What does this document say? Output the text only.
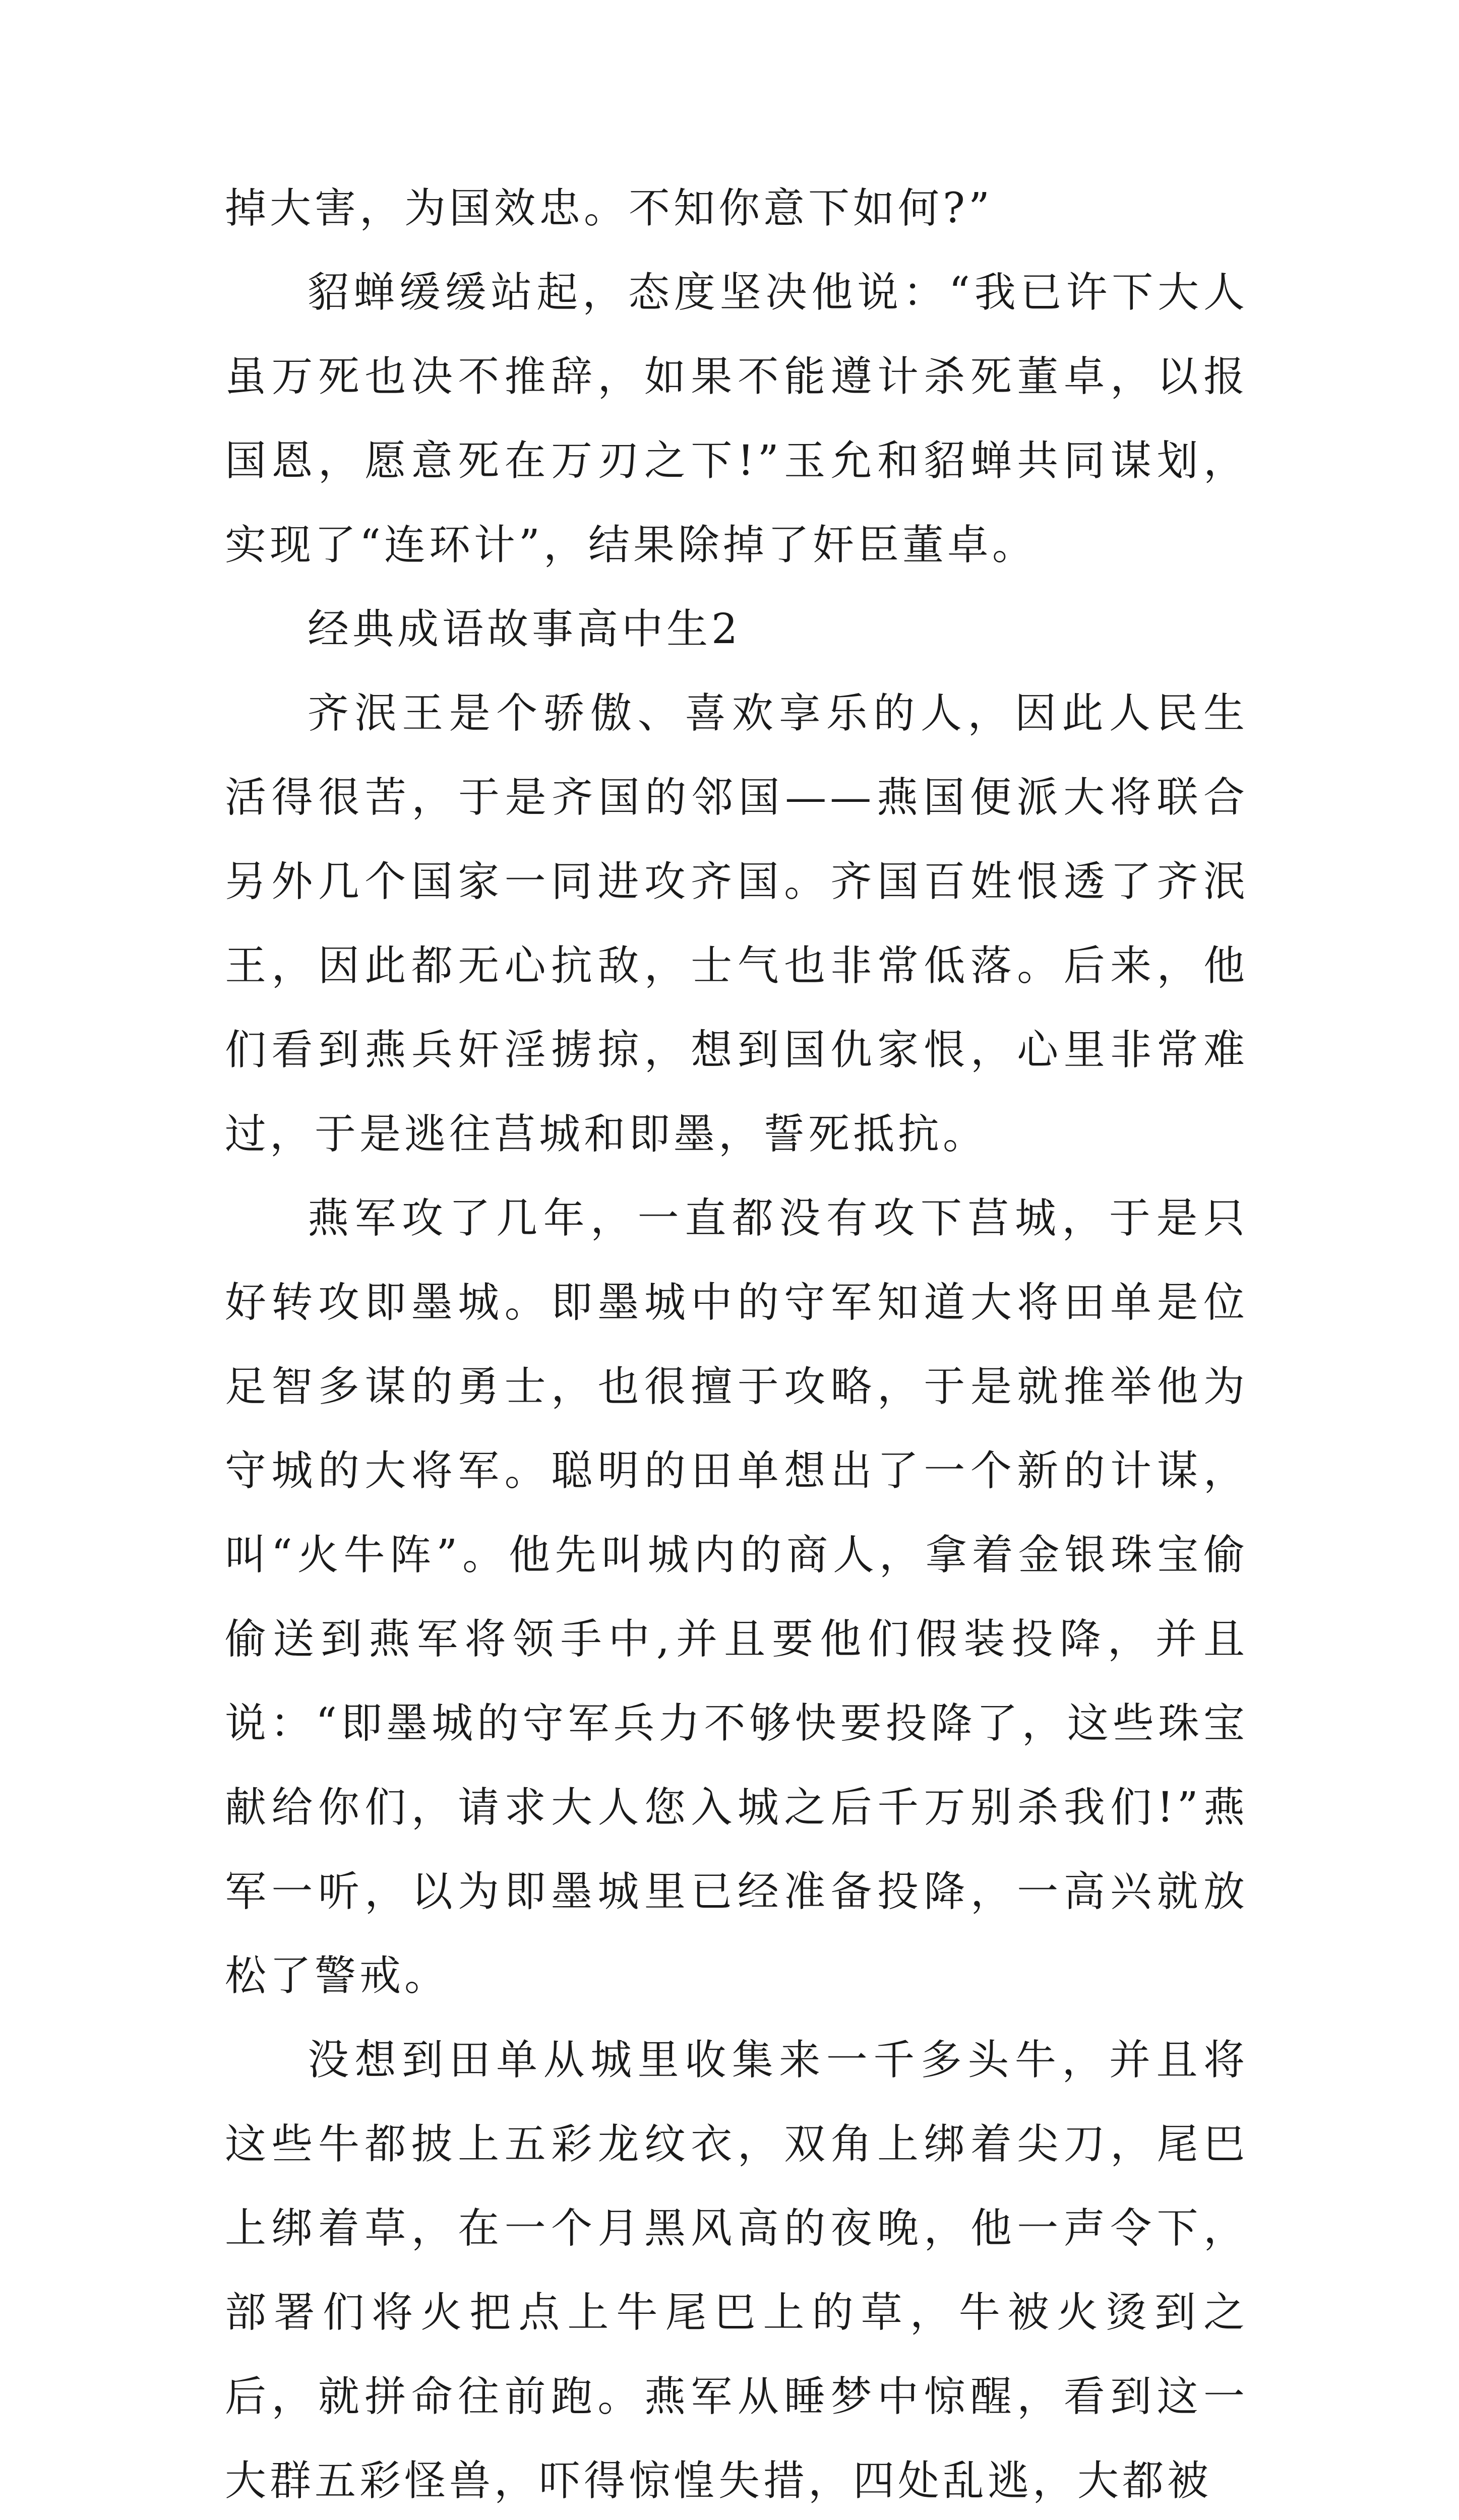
掉大害，为国效忠。不知你意下如何?”

貂蝉缓缓站起，态度坚决他说：“我已许下大人虽万死也决不推辞，如果不能遵计杀死董卓，以报国恩，愿意死在万刃之下!”玉允和貂蝉共同谋划，实现了“连环计”，结果除掉了奸臣董卓。

经典成语故事高中生2

齐泯王是个骄傲、喜欢享乐的人，因此人民生活得很苦，于是齐国的邻国——燕国便派大将联合另外几个国家一同进攻齐国。齐国百姓恨透了齐泯王，因此都无心抗敌，士气也非常低落。后来，他们看到燕兵奸淫掳掠，想到国仇家恨，心里非常难过，于是逃往莒城和即墨，誓死抵抗。

燕军攻了几年，一直都没有攻下莒城，于是只好转攻即墨城。即墨城中的守军知道大将田单是位足智多谋的勇士，也很擅于攻略，于是就推举他为守城的大将军。聪明的田单想出了一个新的计谋，叫“火牛阵”。他先叫城内的商人，拿着金银珠宝偷偷送到燕军将领手中,并且要他们假装投降，并且说：“即墨城的守军兵力不够快要投降了，这些珠宝献给你们，请求大人您入城之后千万别杀我们!”燕军一听，以为即墨城里已经准备投降，一高兴就放松了警戒。

没想到田单从城里收集来一千多头牛，并且将这些牛都披上五彩龙纹衣，双角上绑着尖刀，尾巴上绑着草，在一个月黑风高的夜晚，他一声令下，部署们将火把点上牛尾巴上的草，牛被火烫到之后，就拼命往前跑。燕军从睡梦中惊醒，看到这一大群五彩怪兽，吓得惊惶失措，四处乱逃，大都被
